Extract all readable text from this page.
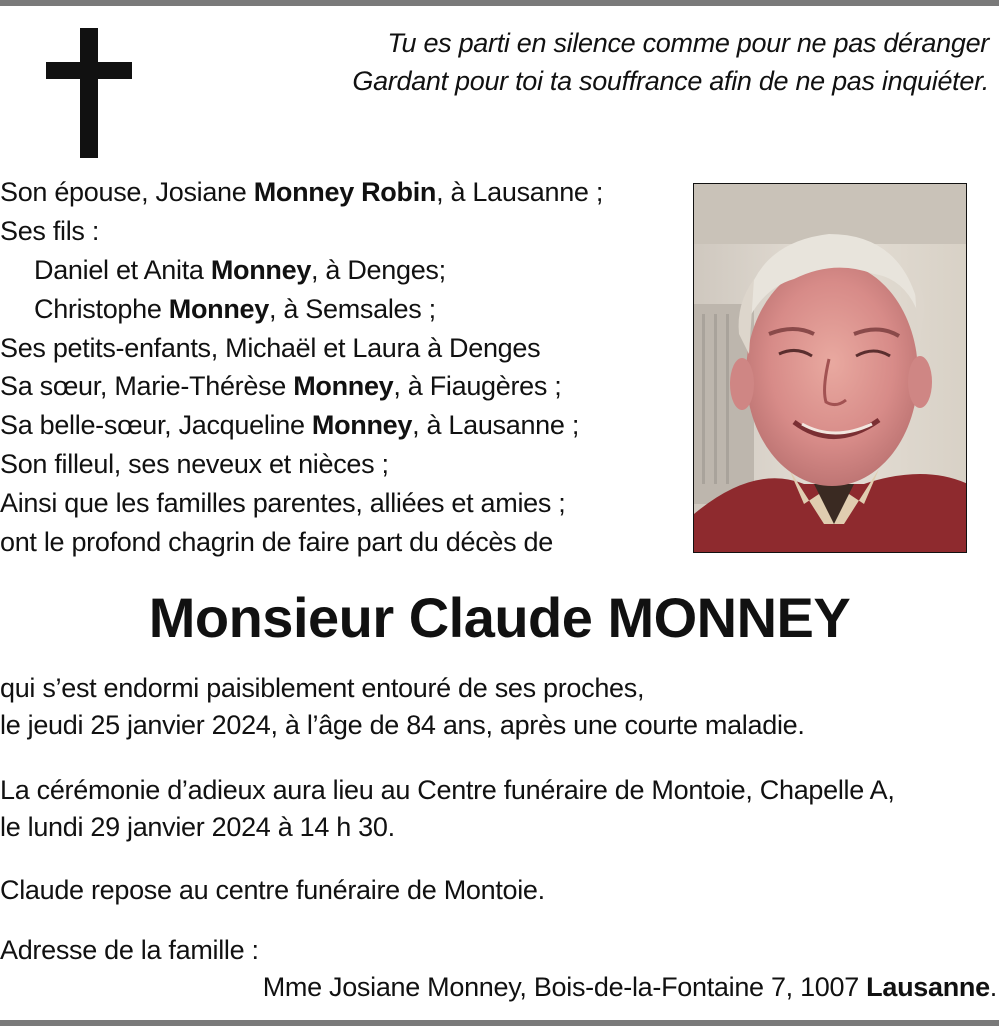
Tu es parti en silence comme pour ne pas déranger
Gardant pour toi ta souffrance afin de ne pas inquiéter.
Son épouse, Josiane Monney Robin, à Lausanne ;
Ses fils :
Daniel et Anita Monney, à Denges;
Christophe Monney, à Semsales ;
Ses petits-enfants, Michaël et Laura à Denges
Sa sœur, Marie-Thérèse Monney, à Fiaugères ;
Sa belle-sœur, Jacqueline Monney, à Lausanne ;
Son filleul, ses neveux et nièces ;
Ainsi que les familles parentes, alliées et amies ;
ont le profond chagrin de faire part du décès de
Monsieur Claude MONNEY
qui s’est endormi paisiblement entouré de ses proches,
le jeudi 25 janvier 2024, à l’âge de 84 ans, après une courte maladie.
La cérémonie d’adieux aura lieu au Centre funéraire de Montoie, Chapelle A,
le lundi 29 janvier 2024 à 14 h 30.
Claude repose au centre funéraire de Montoie.
Adresse de la famille :
Mme Josiane Monney, Bois-de-la-Fontaine 7, 1007 Lausanne.
